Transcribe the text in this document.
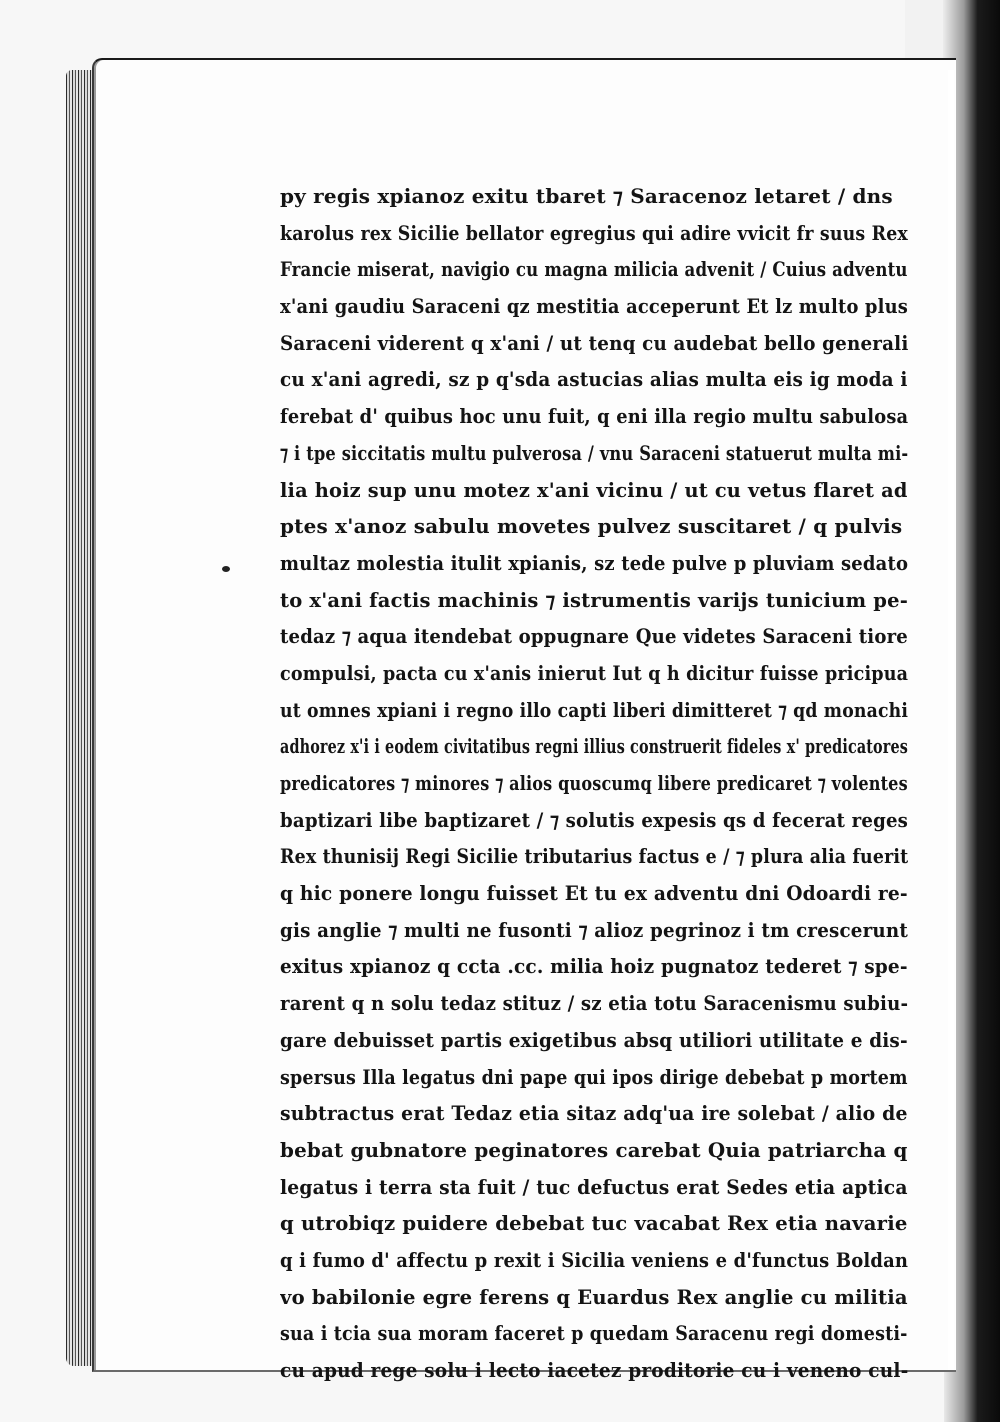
py regis xpianoz exitu tbaret ⁊ Saracenoz letaret / dns
karolus rex Sicilie bellator egregius qui adire vvicit fr suus Rex
Francie miserat, navigio cu magna milicia advenit / Cuius adventu
x'ani gaudiu Saraceni qz mestitia acceperunt Et lz multo plus
Saraceni viderent q x'ani / ut tenq cu audebat bello generali
cu x'ani agredi, sz p q'sda astucias alias multa eis ig moda i
ferebat d' quibus hoc unu fuit, q eni illa regio multu sabulosa
⁊ i tpe siccitatis multu pulverosa / vnu Saraceni statuerut multa mi-
lia hoiz sup unu motez x'ani vicinu / ut cu vetus flaret ad
ptes x'anoz sabulu movetes pulvez suscitaret / q pulvis
multaz molestia itulit xpianis, sz tede pulve p pluviam sedato
to x'ani factis machinis ⁊ istrumentis varijs tunicium pe-
tedaz ⁊ aqua itendebat oppugnare Que videtes Saraceni tiore
compulsi, pacta cu x'anis inierut Iut q h dicitur fuisse pricipua
ut omnes xpiani i regno illo capti liberi dimitteret ⁊ qd monachi
adhorez x'i i eodem civitatibus regni illius construerit fideles x' predicatores
predicatores ⁊ minores ⁊ alios quoscumq libere predicaret ⁊ volentes
baptizari libe baptizaret / ⁊ solutis expesis qs d fecerat reges
Rex thunisij Regi Sicilie tributarius factus e / ⁊ plura alia fuerit
q hic ponere longu fuisset Et tu ex adventu dni Odoardi re-
gis anglie ⁊ multi ne fusonti ⁊ alioz pegrinoz i tm crescerunt
exitus xpianoz q ccta .cc. milia hoiz pugnatoz tederet ⁊ spe-
rarent q n solu tedaz stituz / sz etia totu Saracenismu subiu-
gare debuisset partis exigetibus absq utiliori utilitate e dis-
spersus Illa legatus dni pape qui ipos dirige debebat p mortem
subtractus erat Tedaz etia sitaz adq'ua ire solebat / alio de
bebat gubnatore peginatores carebat Quia patriarcha q
legatus i terra sta fuit / tuc defuctus erat Sedes etia aptica
q utrobiqz puidere debebat tuc vacabat Rex etia navarie
q i fumo d' affectu p rexit i Sicilia veniens e d'functus Boldan
vo babilonie egre ferens q Euardus Rex anglie cu militia
sua i tcia sua moram faceret p quedam Saracenu regi domesti-
cu apud rege solu i lecto iacetez proditorie cu i veneno cul-
